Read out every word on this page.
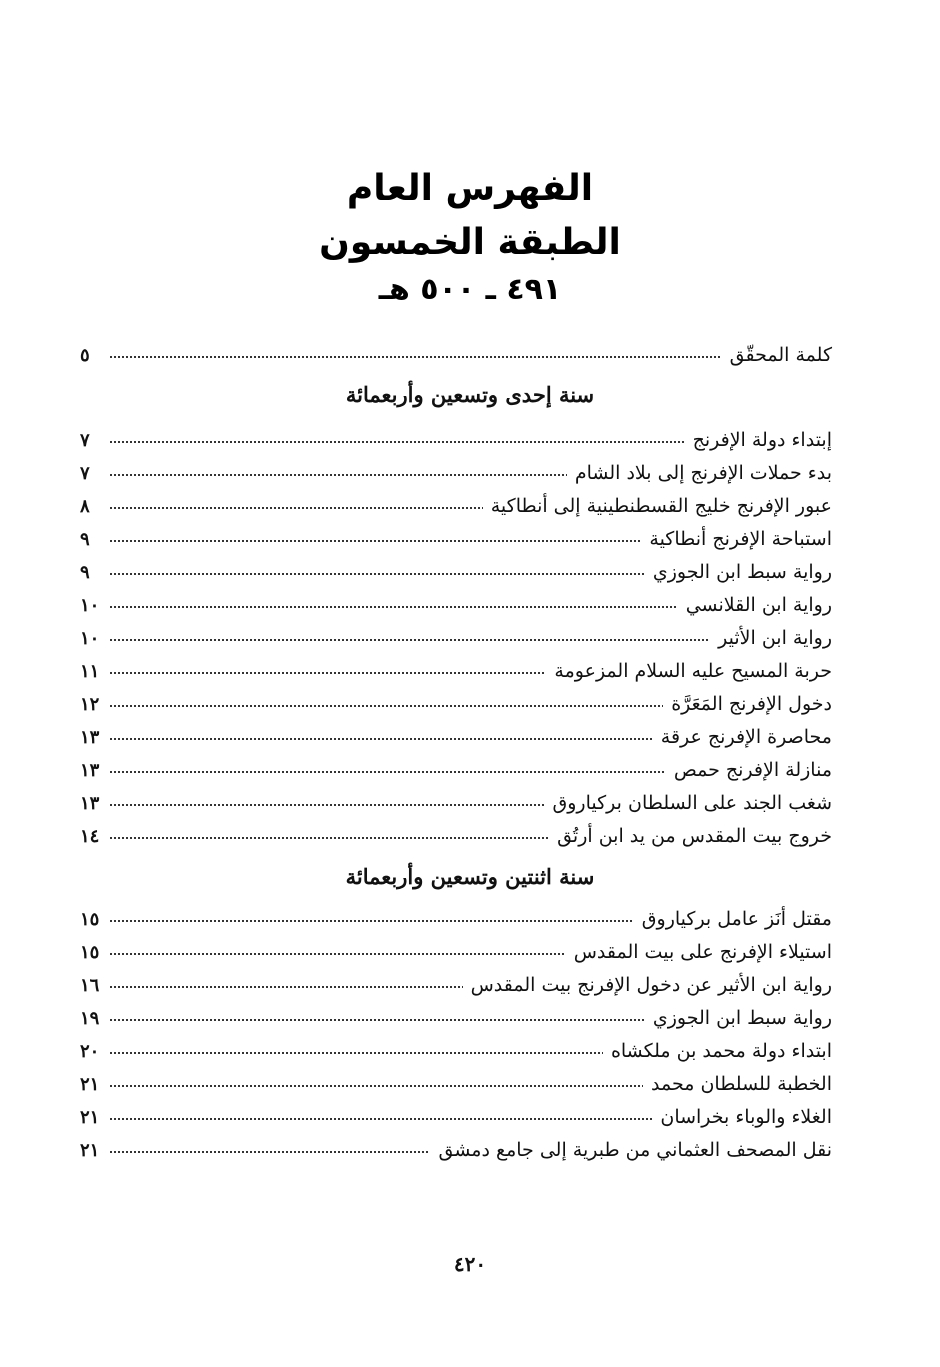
الفهرس العام
الطبقة الخمسون
٤٩١ ـ ٥٠٠ هـ
كلمة المحقّق
٥
سنة إحدى وتسعين وأربعمائة
إبتداء دولة الإفرنج
٧
بدء حملات الإفرنج إلى بلاد الشام
٧
عبور الإفرنج خليج القسطنطينية إلى أنطاكية
٨
استباحة الإفرنج أنطاكية
٩
رواية سبط ابن الجوزي
٩
رواية ابن القلانسي
١٠
رواية ابن الأثير
١٠
حربة المسيح عليه السلام المزعومة
١١
دخول الإفرنج المَعَرَّة
١٢
محاصرة الإفرنج عرقة
١٣
منازلة الإفرنج حمص
١٣
شغب الجند على السلطان بركياروق
١٣
خروج بيت المقدس من يد ابن أرتُق
١٤
سنة اثنتين وتسعين وأربعمائة
مقتل أنَز عامل بركياروق
١٥
استيلاء الإفرنج على بيت المقدس
١٥
رواية ابن الأثير عن دخول الإفرنج بيت المقدس
١٦
رواية سبط ابن الجوزي
١٩
ابتداء دولة محمد بن ملكشاه
٢٠
الخطبة للسلطان محمد
٢١
الغلاء والوباء بخراسان
٢١
نقل المصحف العثماني من طبرية إلى جامع دمشق
٢١
٤٢٠
